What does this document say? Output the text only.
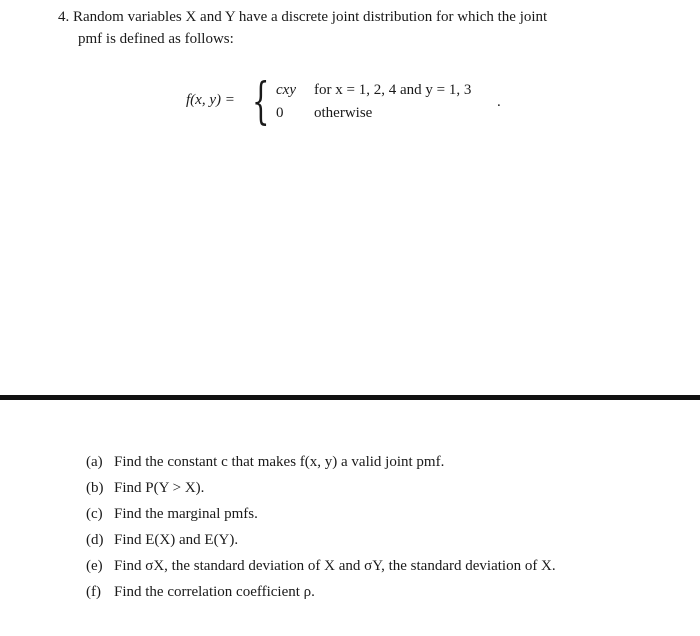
4. Random variables X and Y have a discrete joint distribution for which the joint
pmf is defined as follows:
f(x, y) = { cxy for x = 1, 2, 4 and y = 1, 3
0 otherwise
.
(a) Find the constant c that makes f(x, y) a valid joint pmf.
(b) Find P(Y > X).
(c) Find the marginal pmfs.
(d) Find E(X) and E(Y).
(e) Find σX, the standard deviation of X and σY, the standard deviation of X.
(f) Find the correlation coefficient ρ.
